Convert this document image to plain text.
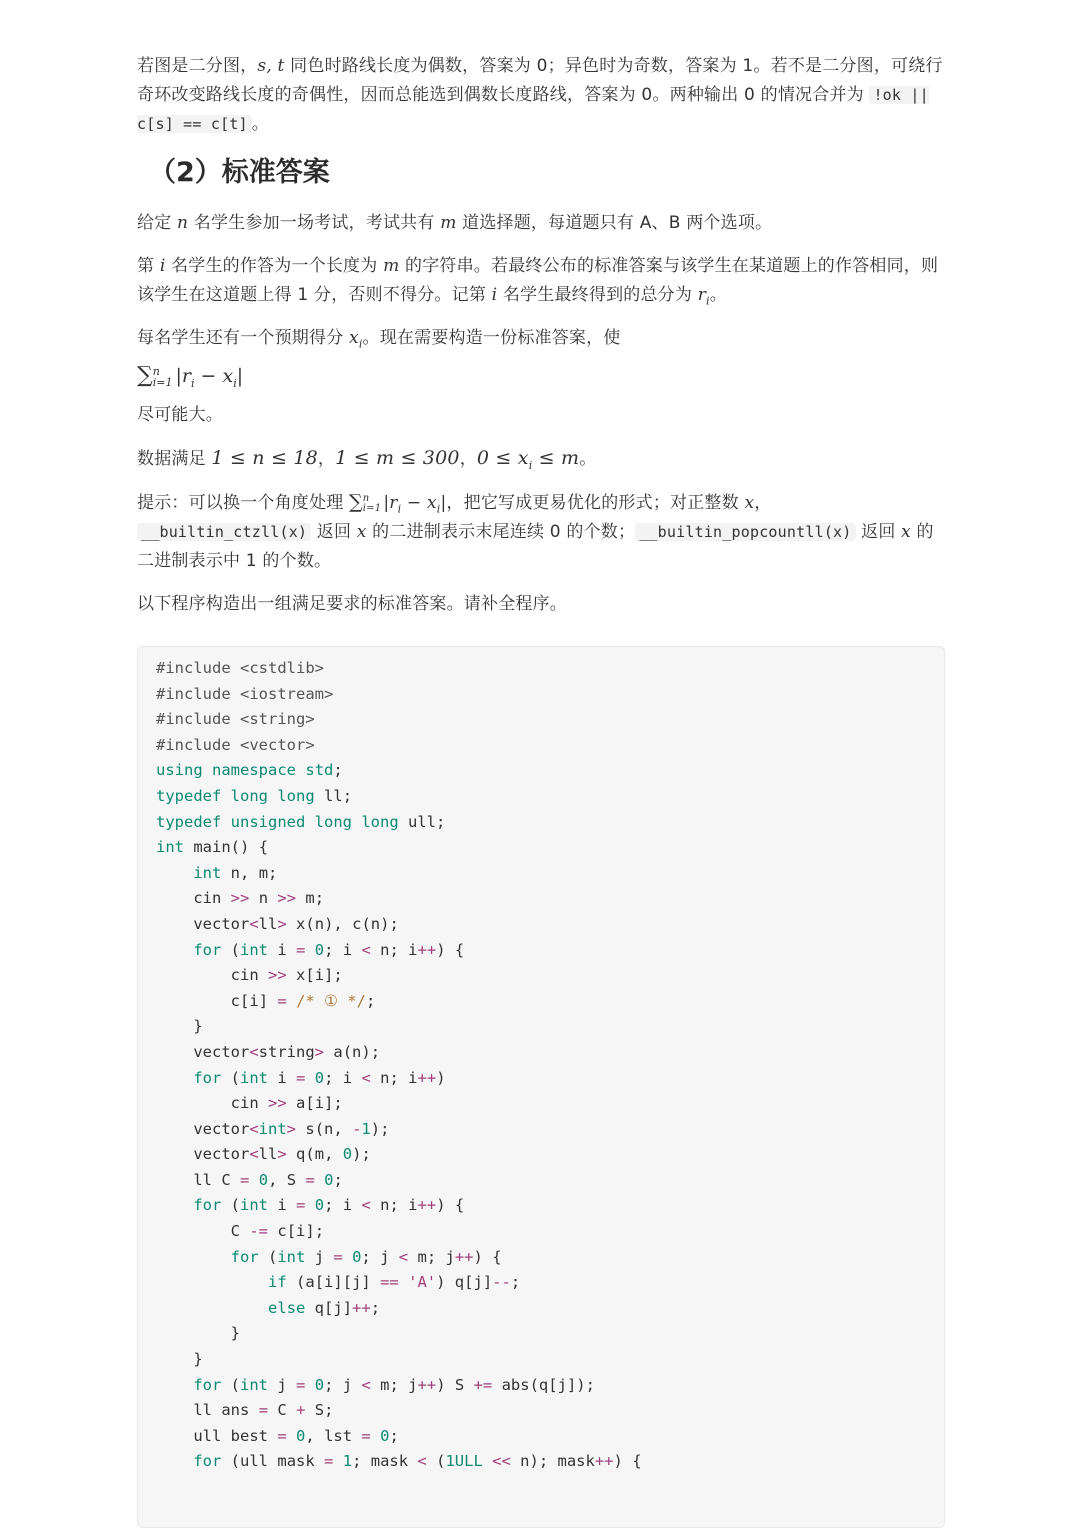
若图是二分图，s, t 同色时路线长度为偶数，答案为 0；异色时为奇数，答案为 1。若不是二分图，可绕行奇环改变路线长度的奇偶性，因而总能选到偶数长度路线，答案为 0。两种输出 0 的情况合并为 !ok || c[s] == c[t] 。

（2）标准答案

给定 n 名学生参加一场考试，考试共有 m 道选择题，每道题只有 A、B 两个选项。

第 i 名学生的作答为一个长度为 m 的字符串。若最终公布的标准答案与该学生在某道题上的作答相同，则该学生在这道题上得 1 分，否则不得分。记第 i 名学生最终得到的总分为 $r_i$。

每名学生还有一个预期得分 $x_i$。现在需要构造一份标准答案，使

∑ n
i=1 $|r_i - x_i|$

尽可能大。

数据满足 1 ≤ n ≤ 18，1 ≤ m ≤ 300，$0 \le x_i \le m$。

提示：可以换一个角度处理 ∑ n
i=1 $|r_i - x_i|$，把它写成更易优化的形式；对正整数 x，
__builtin_ctzll(x) 返回 x 的二进制表示末尾连续 0 的个数； __builtin_popcountll(x) 返回 x 的二进制表示中 1 的个数。

以下程序构造出一组满足要求的标准答案。请补全程序。

#include <cstdlib>
#include <iostream>
#include <string>
#include <vector>
using namespace std;
typedef long long ll;
typedef unsigned long long ull;
int main() {
int n, m;
cin >> n >> m;
vector<ll> x(n), c(n);
for (int i = 0; i < n; i++) {
cin >> x[i];
c[i] = /* ① */;
}
vector<string> a(n);
for (int i = 0; i < n; i++)
cin >> a[i];
vector<int> s(n, -1);
vector<ll> q(m, 0);
ll C = 0, S = 0;
for (int i = 0; i < n; i++) {
C -= c[i];
for (int j = 0; j < m; j++) {
if (a[i][j] == 'A') q[j]--;
else q[j]++;
}
}
for (int j = 0; j < m; j++) S += abs(q[j]);
ll ans = C + S;
ull best = 0, lst = 0;
for (ull mask = 1; mask < (1ULL << n); mask++) {
